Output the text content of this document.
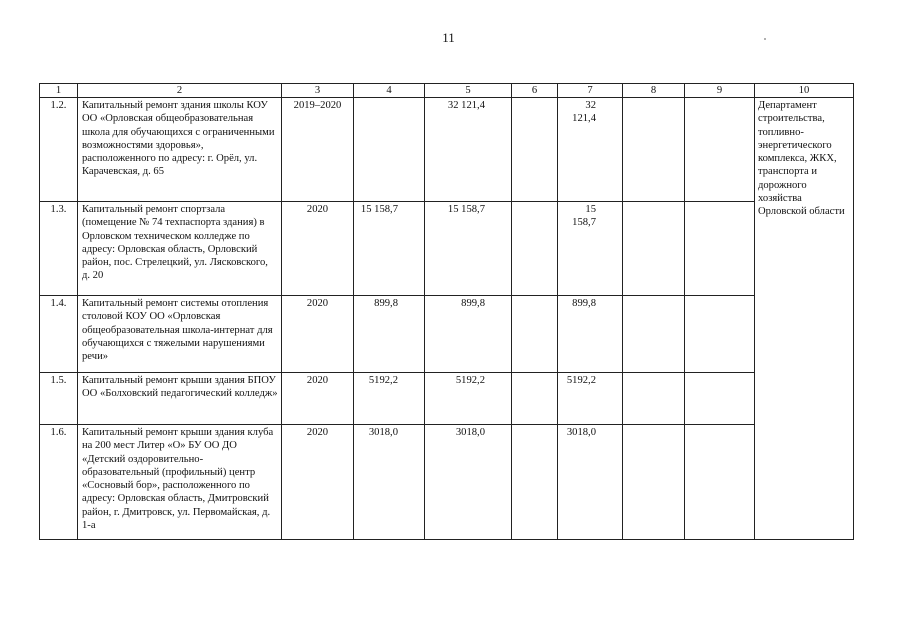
11
1	2	3	4	5	6	7	8	9	10
1.2.	Капитальный ремонт здания школы КОУ ОО «Орловская общеобразовательная школа для обучающихся с ограниченными возможностями здоровья», расположенного по адресу: г. Орёл, ул. Карачевская, д. 65	2019–2020		32 121,4		32 121,4			Департамент строительства, топливно-энергетического комплекса, ЖКХ, транспорта и дорожного хозяйства Орловской области
1.3.	Капитальный ремонт спортзала (помещение № 74 техпаспорта здания) в Орловском техническом колледже по адресу: Орловская область, Орловский район, пос. Стрелецкий, ул. Лясковского, д. 20	2020	15 158,7	15 158,7		15 158,7			
1.4.	Капитальный ремонт системы отопления столовой КОУ ОО «Орловская общеобразовательная школа-интернат для обучающихся с тяжелыми нарушениями речи»	2020	899,8	899,8		899,8			
1.5.	Капитальный ремонт крыши здания БПОУ ОО «Болховский педагогический колледж»	2020	5192,2	5192,2		5192,2			
1.6.	Капитальный ремонт крыши здания клуба на 200 мест Литер «О» БУ ОО ДО «Детский оздоровительно-образовательный (профильный) центр «Сосновый бор», расположенного по адресу: Орловская область, Дмитровский район, г. Дмитровск, ул. Первомайская, д. 1-а	2020	3018,0	3018,0		3018,0			
